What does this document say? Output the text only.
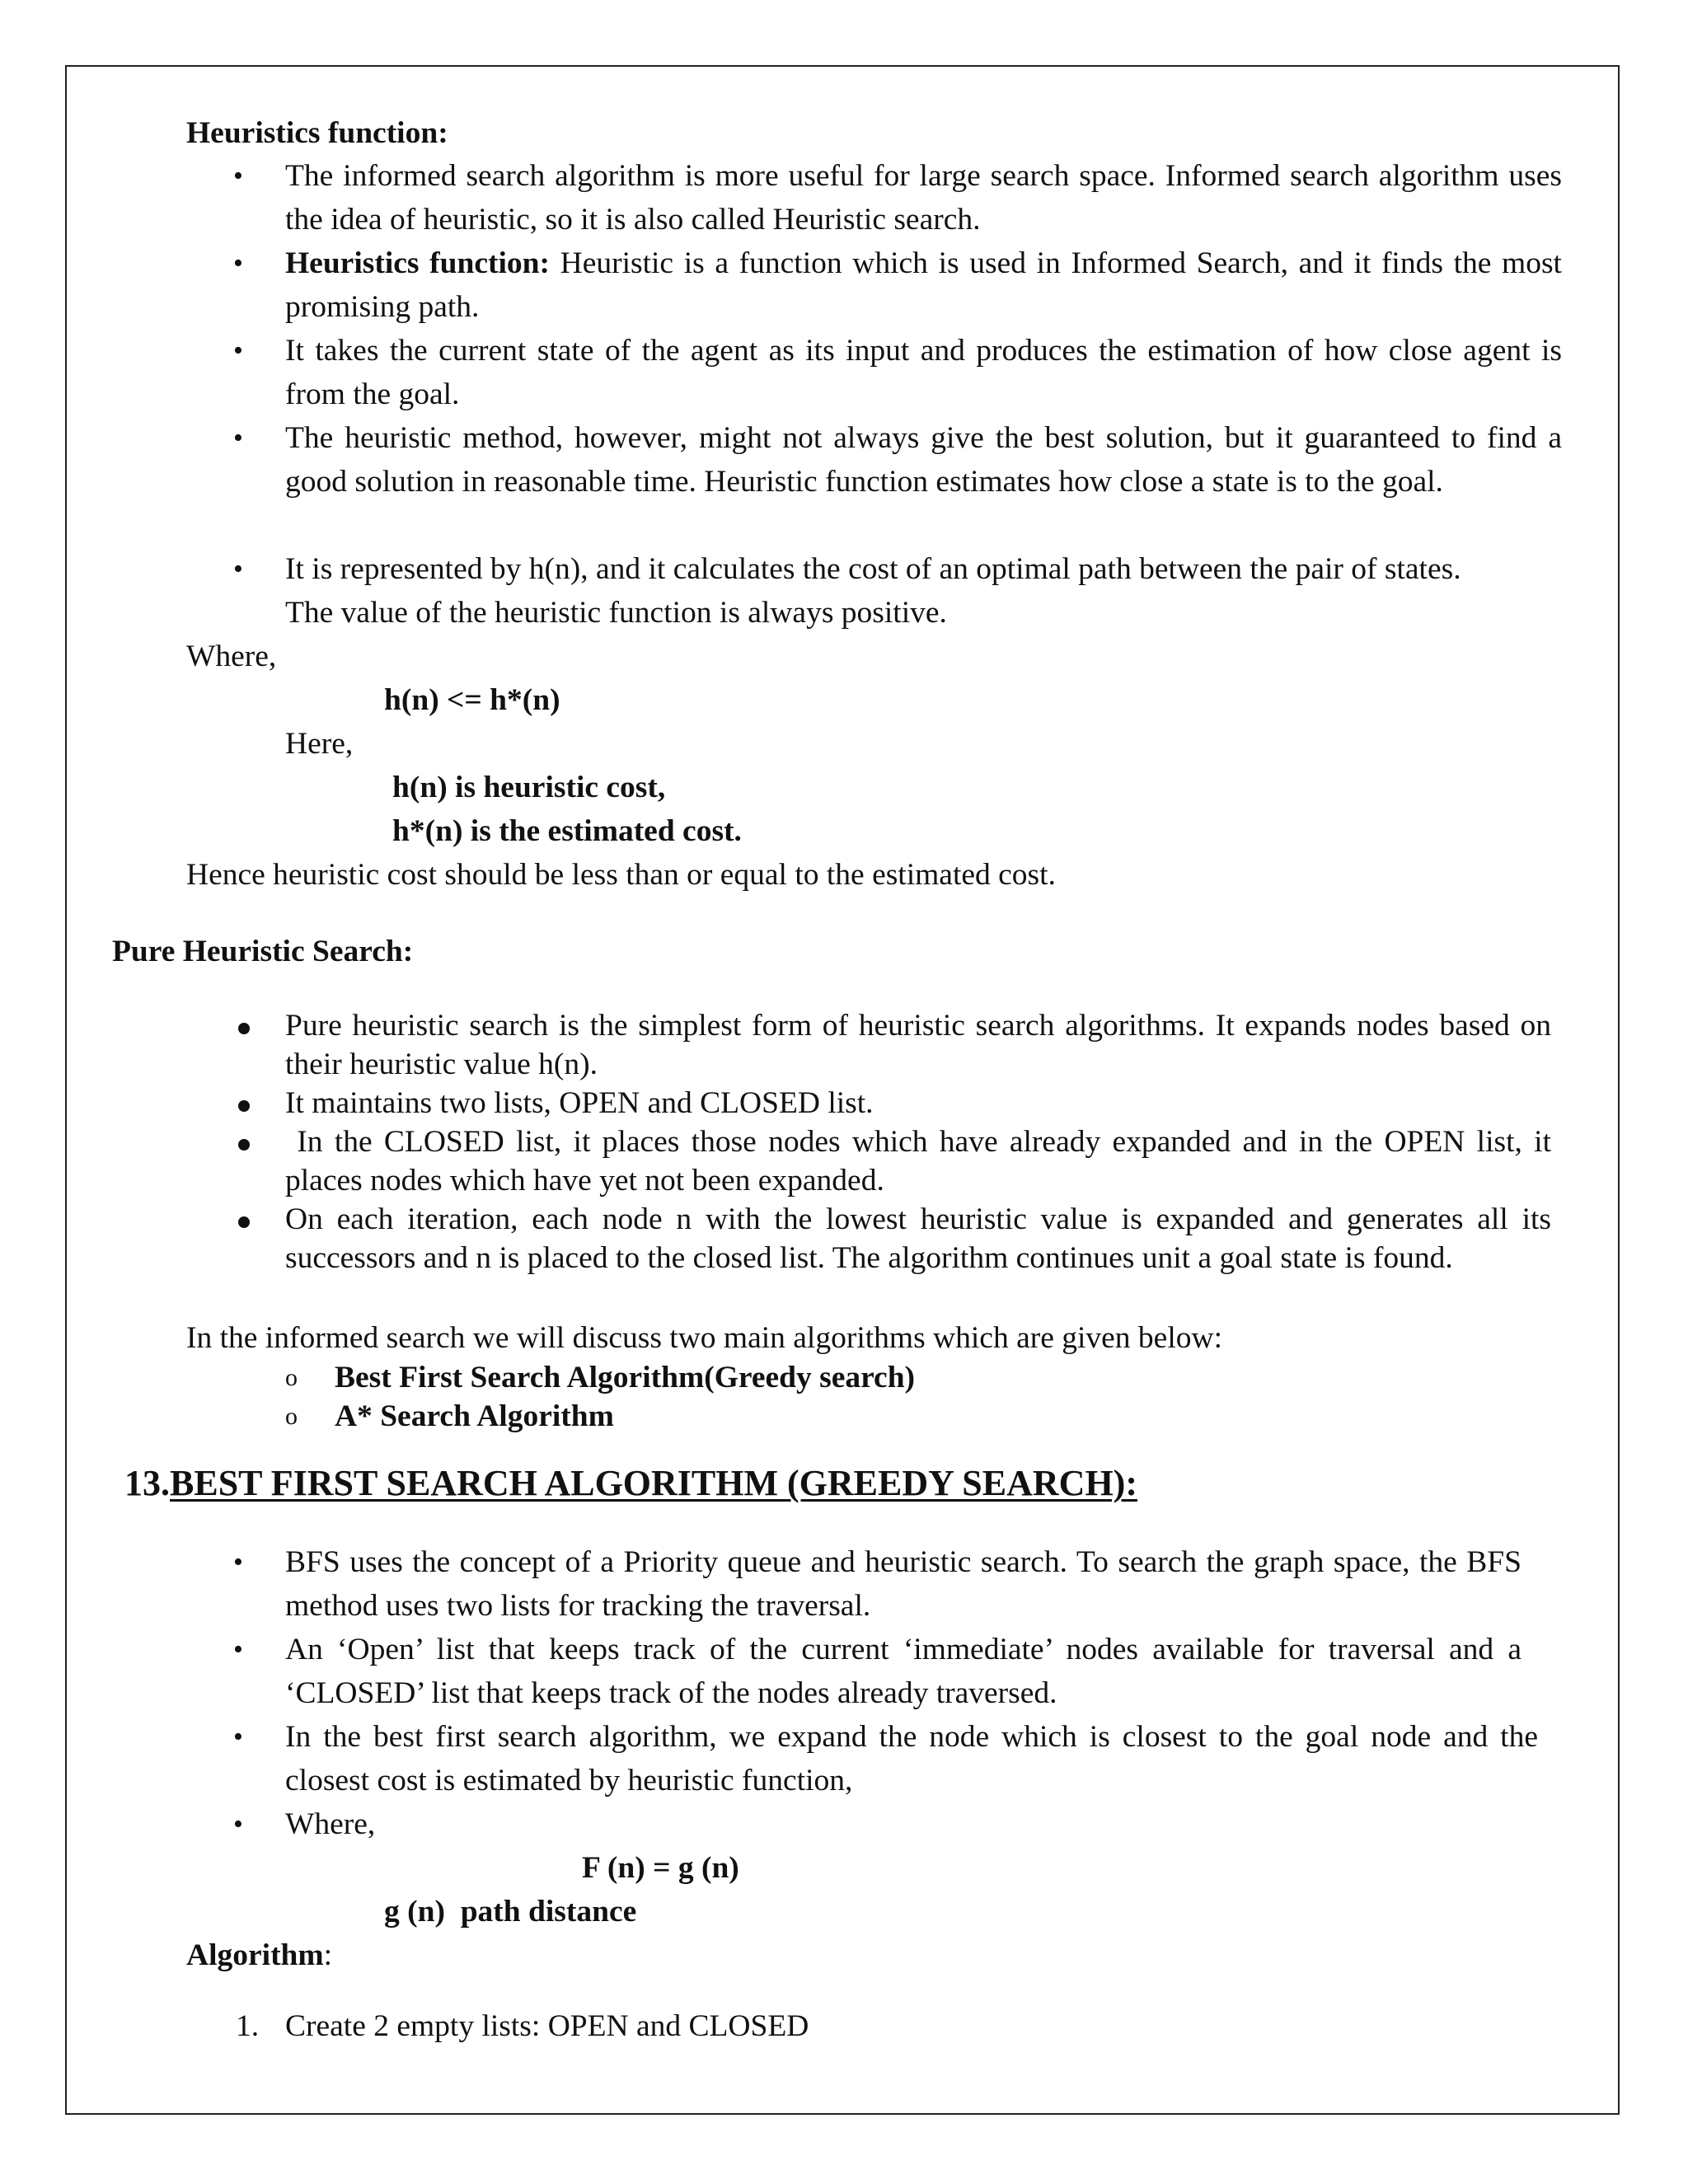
Heuristics function:
• The informed search algorithm is more useful for large search space. Informed search algorithm uses the idea of heuristic, so it is also called Heuristic search.
• Heuristics function: Heuristic is a function which is used in Informed Search, and it finds the most promising path.
• It takes the current state of the agent as its input and produces the estimation of how close agent is from the goal.
• The heuristic method, however, might not always give the best solution, but it guaranteed to find a good solution in reasonable time. Heuristic function estimates how close a state is to the goal.
• It is represented by h(n), and it calculates the cost of an optimal path between the pair of states.
The value of the heuristic function is always positive.
Where,
h(n) <= h*(n)
Here,
h(n) is heuristic cost,
h*(n) is the estimated cost.
Hence heuristic cost should be less than or equal to the estimated cost.
Pure Heuristic Search:
Pure heuristic search is the simplest form of heuristic search algorithms. It expands nodes based on their heuristic value h(n).
It maintains two lists, OPEN and CLOSED list.
In the CLOSED list, it places those nodes which have already expanded and in the OPEN list, it places nodes which have yet not been expanded.
On each iteration, each node n with the lowest heuristic value is expanded and generates all its successors and n is placed to the closed list. The algorithm continues unit a goal state is found.
In the informed search we will discuss two main algorithms which are given below:
o Best First Search Algorithm(Greedy search)
o A* Search Algorithm
13.BEST FIRST SEARCH ALGORITHM (GREEDY SEARCH):
• BFS uses the concept of a Priority queue and heuristic search. To search the graph space, the BFS method uses two lists for tracking the traversal.
• An ‘Open’ list that keeps track of the current ‘immediate’ nodes available for traversal and a ‘CLOSED’ list that keeps track of the nodes already traversed.
• In the best first search algorithm, we expand the node which is closest to the goal node and the closest cost is estimated by heuristic function,
• Where,
F (n) = g (n)
g (n)  path distance
Algorithm:
1. Create 2 empty lists: OPEN and CLOSED
